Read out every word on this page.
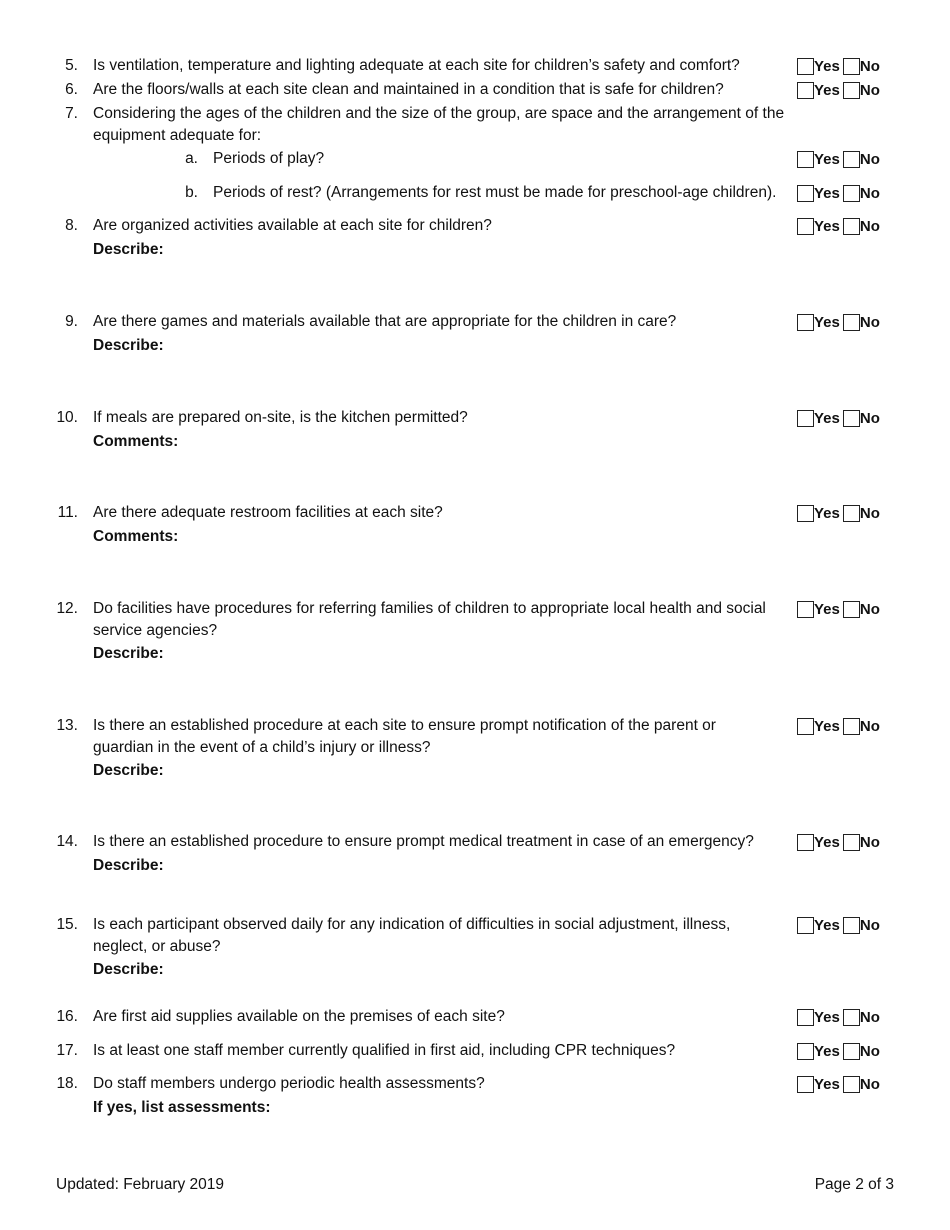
5. Is ventilation, temperature and lighting adequate at each site for children’s safety and comfort?	Yes No
6. Are the floors/walls at each site clean and maintained in a condition that is safe for children?	Yes No
7. Considering the ages of the children and the size of the group, are space and the arrangement of the equipment adequate for:
a. Periods of play?	Yes No
b. Periods of rest? (Arrangements for rest must be made for preschool-age children).	Yes No
8. Are organized activities available at each site for children?
Describe:
Yes No
9. Are there games and materials available that are appropriate for the children in care?
Describe:
Yes No
10. If meals are prepared on-site, is the kitchen permitted?
Comments:
Yes No
11. Are there adequate restroom facilities at each site?
Comments:
Yes No
12. Do facilities have procedures for referring families of children to appropriate local health and social service agencies?
Describe:
Yes No
13. Is there an established procedure at each site to ensure prompt notification of the parent or guardian in the event of a child’s injury or illness?
Describe:
Yes No
14. Is there an established procedure to ensure prompt medical treatment in case of an emergency?
Describe:
Yes No
15. Is each participant observed daily for any indication of difficulties in social adjustment, illness, neglect, or abuse?
Describe:
Yes No
16. Are first aid supplies available on the premises of each site?	Yes No
17. Is at least one staff member currently qualified in first aid, including CPR techniques?	Yes No
18. Do staff members undergo periodic health assessments?
If yes, list assessments:
Yes No
Updated: February 2019	Page 2 of 3
